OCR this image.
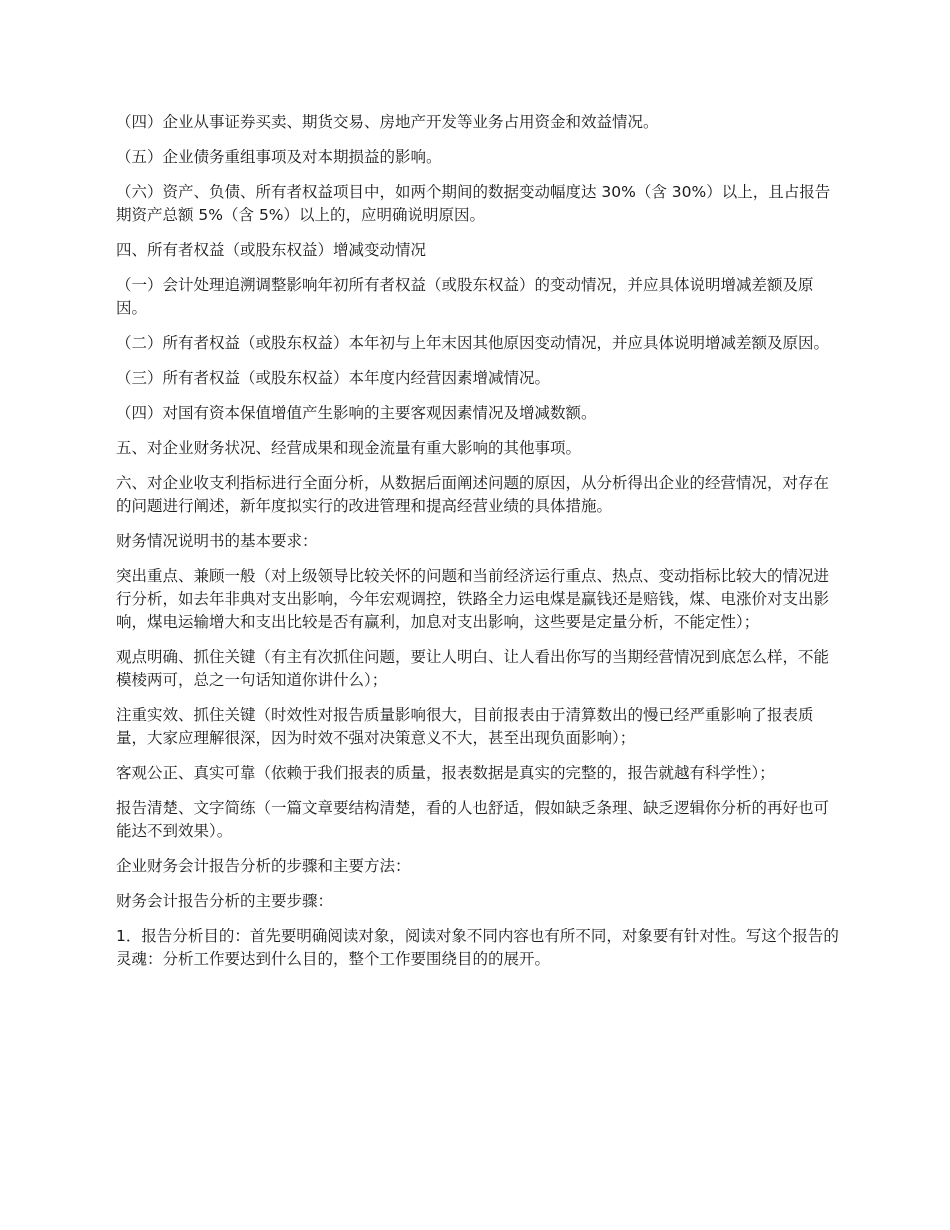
（四）企业从事证券买卖、期货交易、房地产开发等业务占用资金和效益情况。

（五）企业债务重组事项及对本期损益的影响。

（六）资产、负债、所有者权益项目中，如两个期间的数据变动幅度达 30%（含 30%）以上，且占报告期资产总额 5%（含 5%）以上的，应明确说明原因。

四、所有者权益（或股东权益）增减变动情况

（一）会计处理追溯调整影响年初所有者权益（或股东权益）的变动情况，并应具体说明增减差额及原因。

（二）所有者权益（或股东权益）本年初与上年末因其他原因变动情况，并应具体说明增减差额及原因。

（三）所有者权益（或股东权益）本年度内经营因素增减情况。

（四）对国有资本保值增值产生影响的主要客观因素情况及增减数额。

五、对企业财务状况、经营成果和现金流量有重大影响的其他事项。

六、对企业收支利指标进行全面分析，从数据后面阐述问题的原因，从分析得出企业的经营情况，对存在的问题进行阐述，新年度拟实行的改进管理和提高经营业绩的具体措施。

财务情况说明书的基本要求：

突出重点、兼顾一般（对上级领导比较关怀的问题和当前经济运行重点、热点、变动指标比较大的情况进行分析，如去年非典对支出影响，今年宏观调控，铁路全力运电煤是赢钱还是赔钱，煤、电涨价对支出影响，煤电运输增大和支出比较是否有赢利，加息对支出影响，这些要是定量分析，不能定性）；

观点明确、抓住关键（有主有次抓住问题，要让人明白、让人看出你写的当期经营情况到底怎么样，不能模棱两可，总之一句话知道你讲什么）；

注重实效、抓住关键（时效性对报告质量影响很大，目前报表由于清算数出的慢已经严重影响了报表质量，大家应理解很深，因为时效不强对决策意义不大，甚至出现负面影响）；

客观公正、真实可靠（依赖于我们报表的质量，报表数据是真实的完整的，报告就越有科学性）；

报告清楚、文字简练（一篇文章要结构清楚，看的人也舒适，假如缺乏条理、缺乏逻辑你分析的再好也可能达不到效果）。

企业财务会计报告分析的步骤和主要方法：

财务会计报告分析的主要步骤：

1．报告分析目的：首先要明确阅读对象，阅读对象不同内容也有所不同，对象要有针对性。写这个报告的灵魂：分析工作要达到什么目的，整个工作要围绕目的的展开。
